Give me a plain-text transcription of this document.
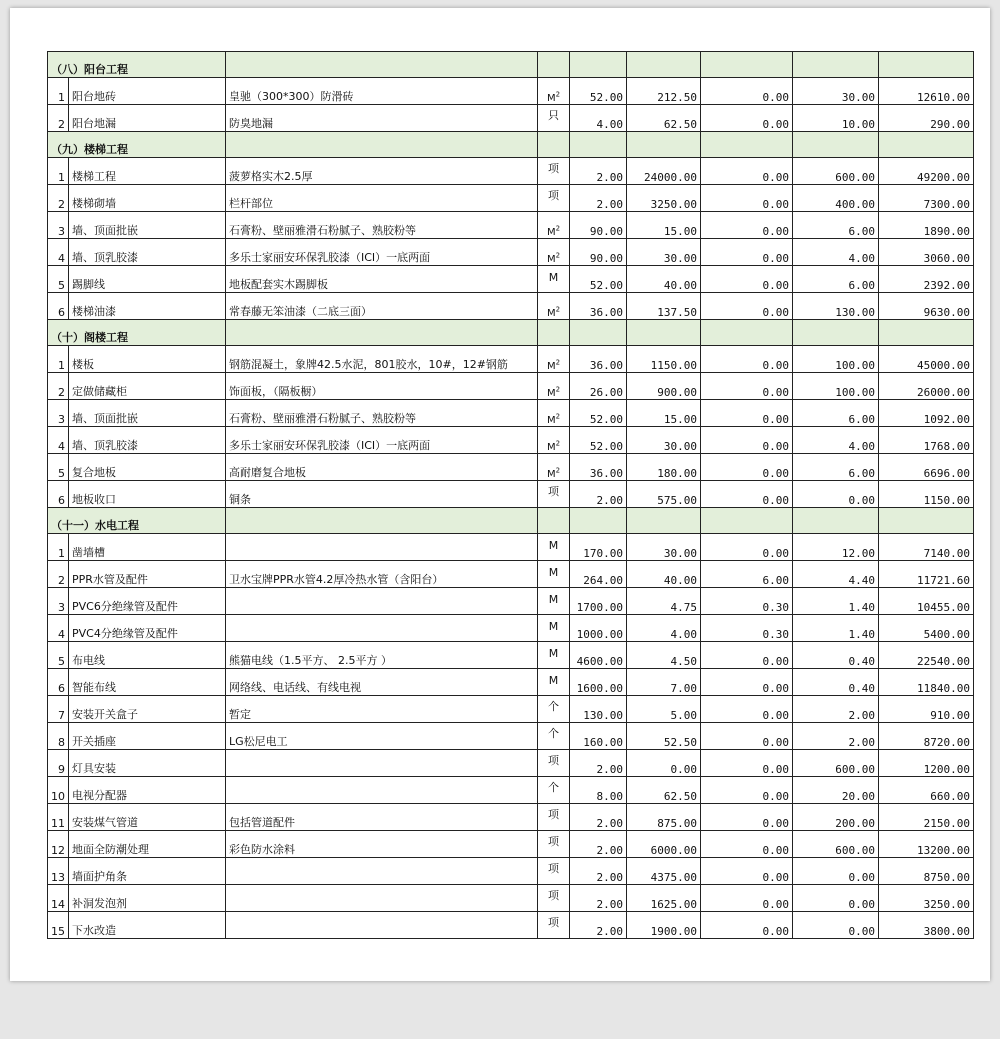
（八）阳台工程								
1	阳台地砖	皇驰（300*300）防滑砖	$M^2$	52.00	212.50	0.00	30.00	12610.00
2	阳台地漏	防臭地漏	只	4.00	62.50	0.00	10.00	290.00
（九）楼梯工程								
1	楼梯工程	菠萝格实木2.5厚	项	2.00	24000.00	0.00	600.00	49200.00
2	楼梯砌墙	栏杆部位	项	2.00	3250.00	0.00	400.00	7300.00
3	墙、顶面批嵌	石膏粉、壁丽雅滑石粉腻子、熟胶粉等	$M^2$	90.00	15.00	0.00	6.00	1890.00
4	墙、顶乳胶漆	多乐士家丽安环保乳胶漆（ICI）一底两面	$M^2$	90.00	30.00	0.00	4.00	3060.00
5	踢脚线	地板配套实木踢脚板	M	52.00	40.00	0.00	6.00	2392.00
6	楼梯油漆	常春藤无笨油漆（二底三面）	$M^2$	36.00	137.50	0.00	130.00	9630.00
（十）阁楼工程								
1	楼板	钢筋混凝土，象牌42.5水泥，801胶水，10#，12#钢筋	$M^2$	36.00	1150.00	0.00	100.00	45000.00
2	定做储藏柜	饰面板，（隔板橱）	$M^2$	26.00	900.00	0.00	100.00	26000.00
3	墙、顶面批嵌	石膏粉、壁丽雅滑石粉腻子、熟胶粉等	$M^2$	52.00	15.00	0.00	6.00	1092.00
4	墙、顶乳胶漆	多乐士家丽安环保乳胶漆（ICI）一底两面	$M^2$	52.00	30.00	0.00	4.00	1768.00
5	复合地板	高耐磨复合地板	$M^2$	36.00	180.00	0.00	6.00	6696.00
6	地板收口	铜条	项	2.00	575.00	0.00	0.00	1150.00
（十一）水电工程								
1	凿墙槽		M	170.00	30.00	0.00	12.00	7140.00
2	PPR水管及配件	卫水宝牌PPR水管4.2厚冷热水管（含阳台）	M	264.00	40.00	6.00	4.40	11721.60
3	PVC6分绝缘管及配件		M	1700.00	4.75	0.30	1.40	10455.00
4	PVC4分绝缘管及配件		M	1000.00	4.00	0.30	1.40	5400.00
5	布电线	熊猫电线（1.5平方、 2.5平方 ）	M	4600.00	4.50	0.00	0.40	22540.00
6	智能布线	网络线、电话线、有线电视	M	1600.00	7.00	0.00	0.40	11840.00
7	安装开关盒子	暂定	个	130.00	5.00	0.00	2.00	910.00
8	开关插座	LG松尼电工	个	160.00	52.50	0.00	2.00	8720.00
9	灯具安装		项	2.00	0.00	0.00	600.00	1200.00
10	电视分配器		个	8.00	62.50	0.00	20.00	660.00
11	安装煤气管道	包括管道配件	项	2.00	875.00	0.00	200.00	2150.00
12	地面全防潮处理	彩色防水涂料	项	2.00	6000.00	0.00	600.00	13200.00
13	墙面护角条		项	2.00	4375.00	0.00	0.00	8750.00
14	补洞发泡剂		项	2.00	1625.00	0.00	0.00	3250.00
15	下水改造		项	2.00	1900.00	0.00	0.00	3800.00
